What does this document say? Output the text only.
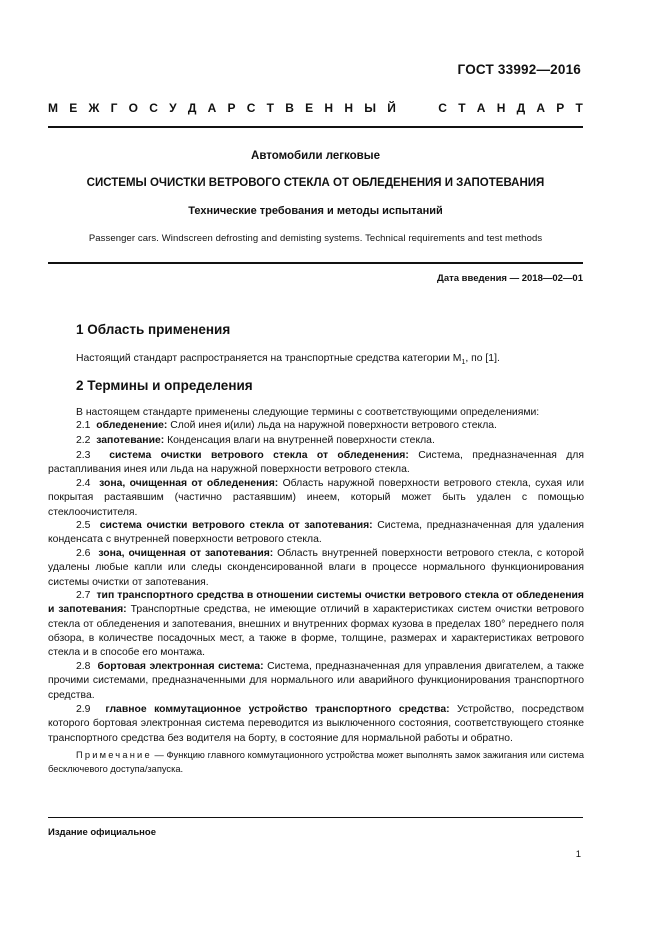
ГОСТ 33992—2016
М Е Ж Г О С У Д А Р С Т В Е Н Н Ы Й	С Т А Н Д А Р Т
Автомобили легковые
СИСТЕМЫ ОЧИСТКИ ВЕТРОВОГО СТЕКЛА ОТ ОБЛЕДЕНЕНИЯ И ЗАПОТЕВАНИЯ
Технические требования и методы испытаний
Passenger cars. Windscreen defrosting and demisting systems. Technical requirements and test methods
Дата введения — 2018—02—01
1 Область применения
Настоящий стандарт распространяется на транспортные средства категории $M_1$, по [1].
2 Термины и определения
В настоящем стандарте применены следующие термины с соответствующими определениями:
2.1 обледенение: Слой инея и(или) льда на наружной поверхности ветрового стекла.
2.2 запотевание: Конденсация влаги на внутренней поверхности стекла.
2.3 система очистки ветрового стекла от обледенения: Система, предназначенная для растапливания инея или льда на наружной поверхности ветрового стекла.
2.4 зона, очищенная от обледенения: Область наружной поверхности ветрового стекла, сухая или покрытая растаявшим (частично растаявшим) инеем, который может быть удален с помощью стеклоочистителя.
2.5 система очистки ветрового стекла от запотевания: Система, предназначенная для удаления конденсата с внутренней поверхности ветрового стекла.
2.6 зона, очищенная от запотевания: Область внутренней поверхности ветрового стекла, с которой удалены любые капли или следы сконденсированной влаги в процессе нормального функционирования системы очистки от запотевания.
2.7 тип транспортного средства в отношении системы очистки ветрового стекла от обледенения и запотевания: Транспортные средства, не имеющие отличий в характеристиках систем очистки ветрового стекла от обледенения и запотевания, внешних и внутренних формах кузова в пределах 180° переднего поля обзора, в количестве посадочных мест, а также в форме, толщине, размерах и характеристиках ветрового стекла и в способе его монтажа.
2.8 бортовая электронная система: Система, предназначенная для управления двигателем, а также прочими системами, предназначенными для нормального или аварийного функционирования транспортного средства.
2.9 главное коммутационное устройство транспортного средства: Устройство, посредством которого бортовая электронная система переводится из выключенного состояния, соответствующего стоянке транспортного средства без водителя на борту, в состояние для нормальной работы и обратно.
Примечание — Функцию главного коммутационного устройства может выполнять замок зажигания или система бесключевого доступа/запуска.
Издание официальное
1
